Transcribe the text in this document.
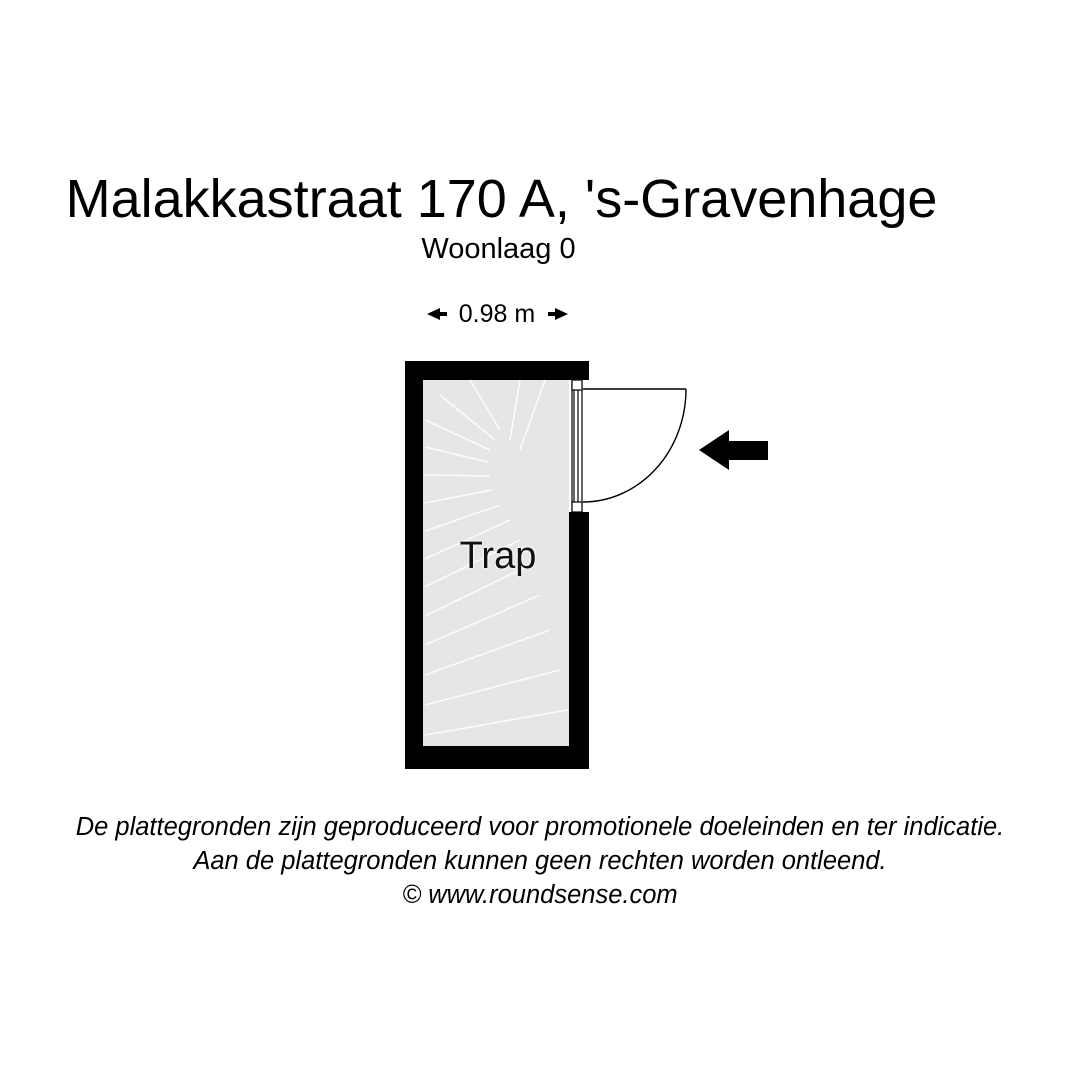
Malakkastraat 170 A, 's-Gravenhage
Woonlaag 0
0.98 m
Trap
De plattegronden zijn geproduceerd voor promotionele doeleinden en ter indicatie.
Aan de plattegronden kunnen geen rechten worden ontleend.
© www.roundsense.com
